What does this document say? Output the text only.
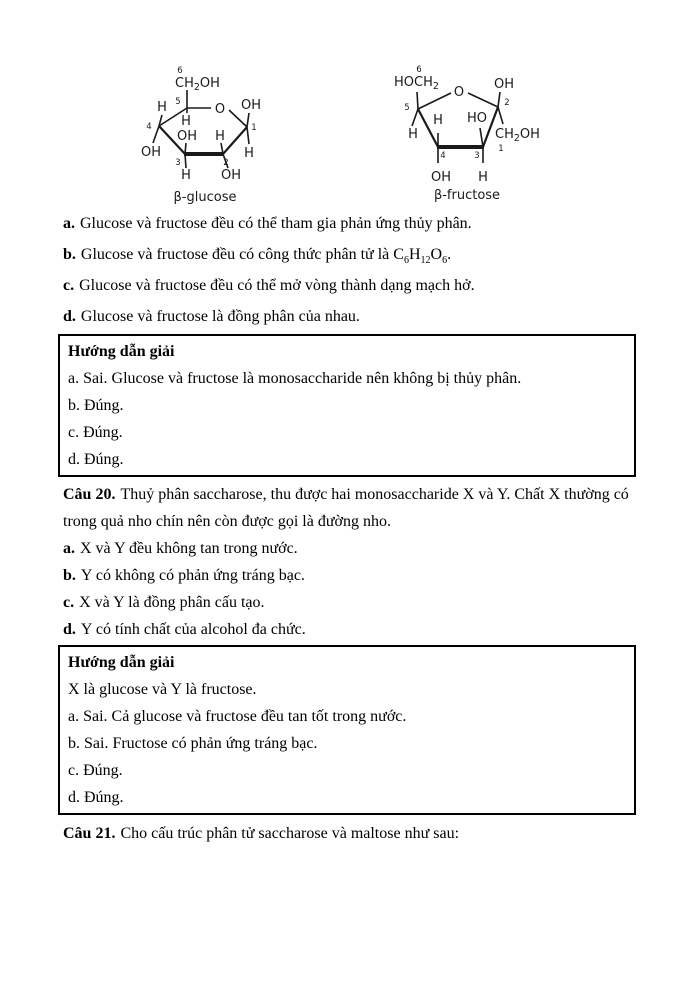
6
$CH_2OH$
5
H	O OH
4 H
OH H
1
OH	H
3	2
H OH
β-glucose
6
$HOCH_2$ O
OH
5	2
H HO
H	$CH_2OH$
1
4	3
OH H
β-fructose

a. Glucose và fructose đều có thể tham gia phản ứng thủy phân.

b. Glucose và fructose đều có công thức phân tử là $C_6H_{12}O_6$.

c. Glucose và fructose đều có thể mở vòng thành dạng mạch hở.

d. Glucose và fructose là đồng phân của nhau.

Hướng dẫn giải

a. Sai. Glucose và fructose là monosaccharide nên không bị thủy phân.

b. Đúng.

c. Đúng.

d. Đúng.

Câu 20. Thuỷ phân saccharose, thu được hai monosaccharide X và Y. Chất X thường có trong quả nho chín nên còn được gọi là đường nho.

a. X và Y đều không tan trong nước.

b. Y có không có phản ứng tráng bạc.

c. X và Y là đồng phân cấu tạo.

d. Y có tính chất của alcohol đa chức.

Hướng dẫn giải

X là glucose và Y là fructose.

a. Sai. Cả glucose và fructose đều tan tốt trong nước.

b. Sai. Fructose có phản ứng tráng bạc.

c. Đúng.

d. Đúng.

Câu 21. Cho cấu trúc phân tử saccharose và maltose như sau:
